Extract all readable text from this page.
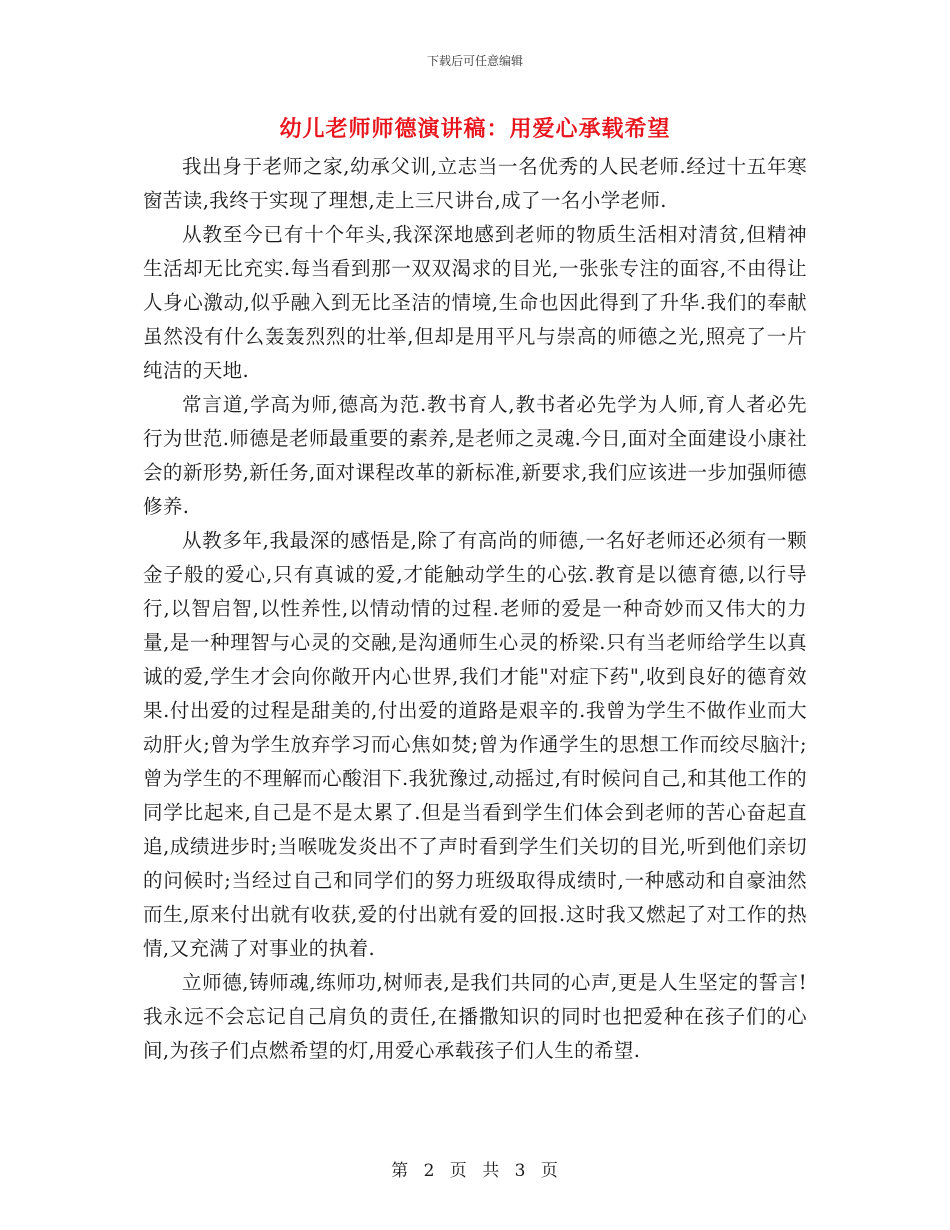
下载后可任意编辑
幼儿老师师德演讲稿：用爱心承载希望

我出身于老师之家,幼承父训,立志当一名优秀的人民老师.经过十五年寒窗苦读,我终于实现了理想,走上三尺讲台,成了一名小学老师.

从教至今已有十个年头,我深深地感到老师的物质生活相对清贫,但精神生活却无比充实.每当看到那一双双渴求的目光,一张张专注的面容,不由得让人身心激动,似乎融入到无比圣洁的情境,生命也因此得到了升华.我们的奉献虽然没有什么轰轰烈烈的壮举,但却是用平凡与崇高的师德之光,照亮了一片纯洁的天地.

常言道,学高为师,德高为范.教书育人,教书者必先学为人师,育人者必先行为世范.师德是老师最重要的素养,是老师之灵魂.今日,面对全面建设小康社会的新形势,新任务,面对课程改革的新标准,新要求,我们应该进一步加强师德修养.

从教多年,我最深的感悟是,除了有高尚的师德,一名好老师还必须有一颗金子般的爱心,只有真诚的爱,才能触动学生的心弦.教育是以德育德,以行导行,以智启智,以性养性,以情动情的过程.老师的爱是一种奇妙而又伟大的力量,是一种理智与心灵的交融,是沟通师生心灵的桥梁.只有当老师给学生以真诚的爱,学生才会向你敞开内心世界,我们才能"对症下药",收到良好的德育效果.付出爱的过程是甜美的,付出爱的道路是艰辛的.我曾为学生不做作业而大动肝火;曾为学生放弃学习而心焦如焚;曾为作通学生的思想工作而绞尽脑汁;曾为学生的不理解而心酸泪下.我犹豫过,动摇过,有时候问自己,和其他工作的同学比起来,自己是不是太累了.但是当看到学生们体会到老师的苦心奋起直追,成绩进步时;当喉咙发炎出不了声时看到学生们关切的目光,听到他们亲切的问候时;当经过自己和同学们的努力班级取得成绩时,一种感动和自豪油然而生,原来付出就有收获,爱的付出就有爱的回报.这时我又燃起了对工作的热情,又充满了对事业的执着.

立师德,铸师魂,练师功,树师表,是我们共同的心声,更是人生坚定的誓言!我永远不会忘记自己肩负的责任,在播撒知识的同时也把爱种在孩子们的心间,为孩子们点燃希望的灯,用爱心承载孩子们人生的希望.

第 2 页 共 3 页
